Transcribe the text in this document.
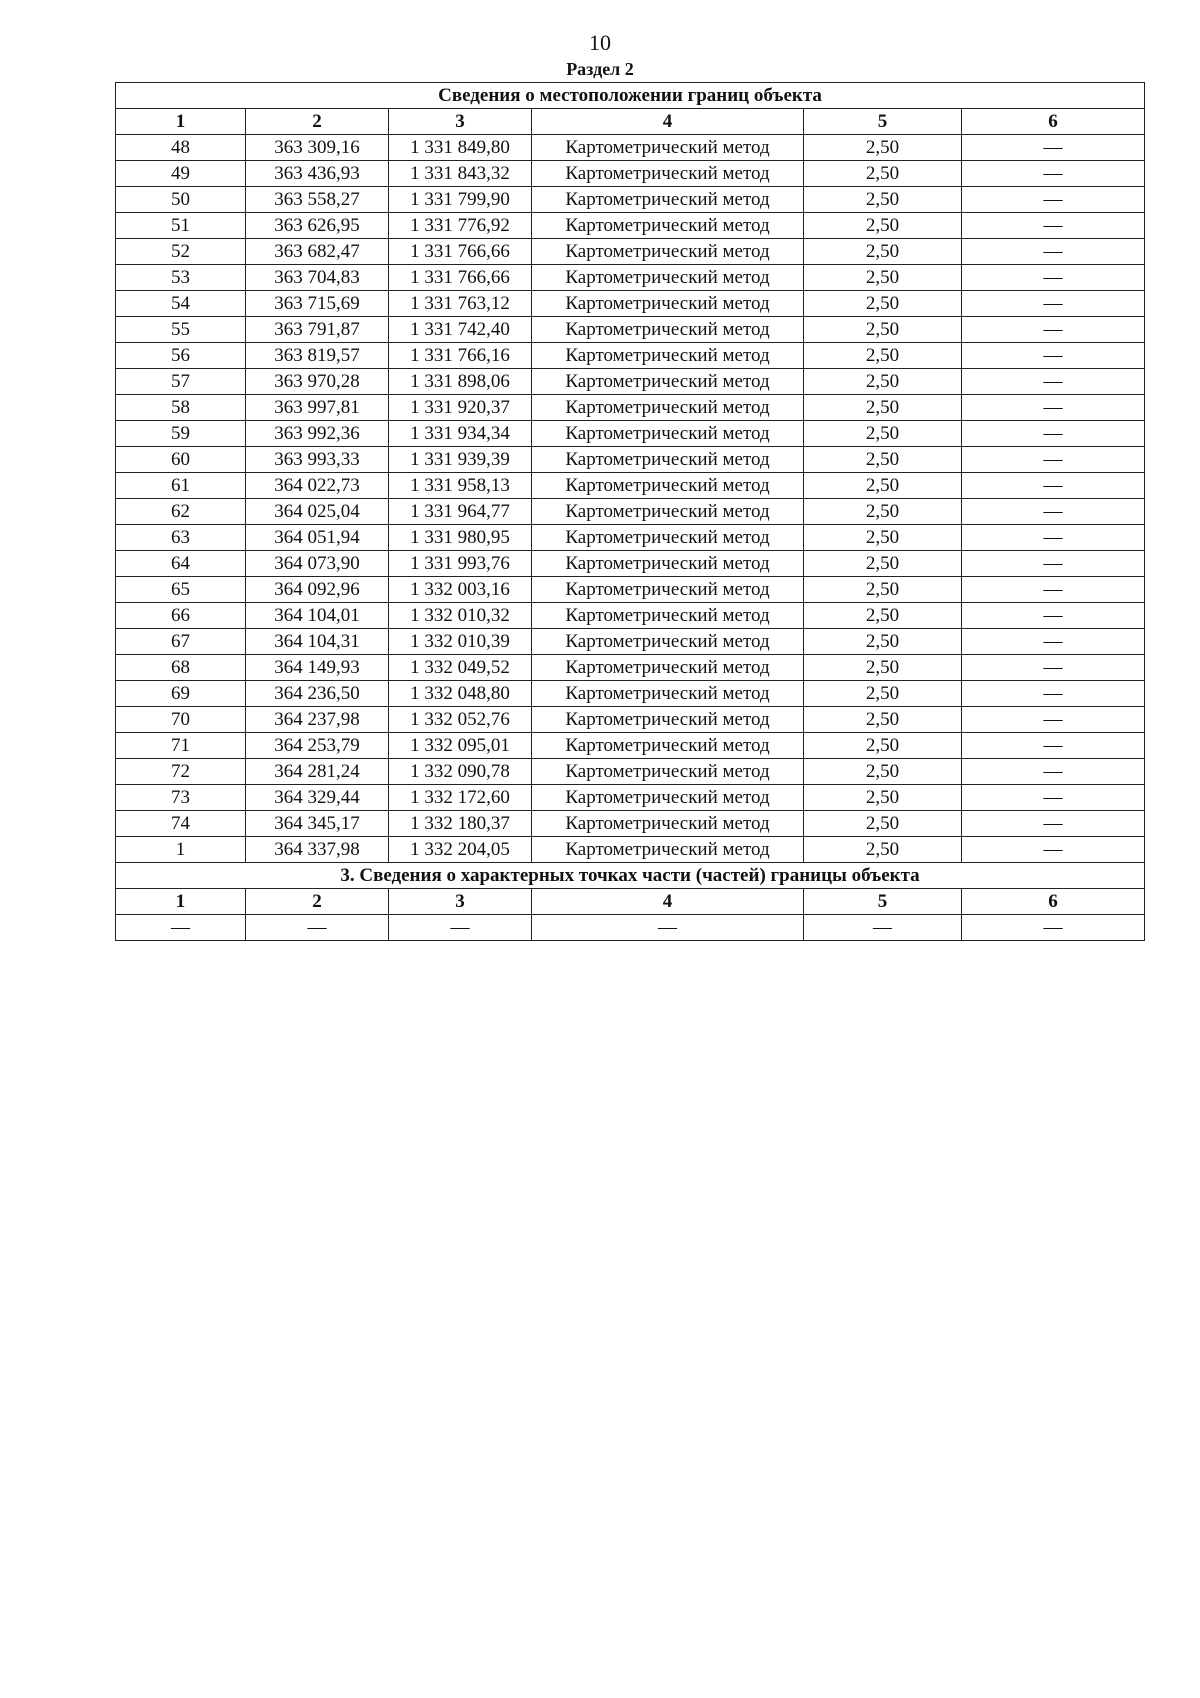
10
Раздел 2
Сведения о местоположении границ объекта					
1	2	3	4	5	6
48	363 309,16	1 331 849,80	Картометрический метод	2,50	—
49	363 436,93	1 331 843,32	Картометрический метод	2,50	—
50	363 558,27	1 331 799,90	Картометрический метод	2,50	—
51	363 626,95	1 331 776,92	Картометрический метод	2,50	—
52	363 682,47	1 331 766,66	Картометрический метод	2,50	—
53	363 704,83	1 331 766,66	Картометрический метод	2,50	—
54	363 715,69	1 331 763,12	Картометрический метод	2,50	—
55	363 791,87	1 331 742,40	Картометрический метод	2,50	—
56	363 819,57	1 331 766,16	Картометрический метод	2,50	—
57	363 970,28	1 331 898,06	Картометрический метод	2,50	—
58	363 997,81	1 331 920,37	Картометрический метод	2,50	—
59	363 992,36	1 331 934,34	Картометрический метод	2,50	—
60	363 993,33	1 331 939,39	Картометрический метод	2,50	—
61	364 022,73	1 331 958,13	Картометрический метод	2,50	—
62	364 025,04	1 331 964,77	Картометрический метод	2,50	—
63	364 051,94	1 331 980,95	Картометрический метод	2,50	—
64	364 073,90	1 331 993,76	Картометрический метод	2,50	—
65	364 092,96	1 332 003,16	Картометрический метод	2,50	—
66	364 104,01	1 332 010,32	Картометрический метод	2,50	—
67	364 104,31	1 332 010,39	Картометрический метод	2,50	—
68	364 149,93	1 332 049,52	Картометрический метод	2,50	—
69	364 236,50	1 332 048,80	Картометрический метод	2,50	—
70	364 237,98	1 332 052,76	Картометрический метод	2,50	—
71	364 253,79	1 332 095,01	Картометрический метод	2,50	—
72	364 281,24	1 332 090,78	Картометрический метод	2,50	—
73	364 329,44	1 332 172,60	Картометрический метод	2,50	—
74	364 345,17	1 332 180,37	Картометрический метод	2,50	—
1	364 337,98	1 332 204,05	Картометрический метод	2,50	—
3. Сведения о характерных точках части (частей) границы объекта					
1	2	3	4	5	6
—	—	—	—	—	—
